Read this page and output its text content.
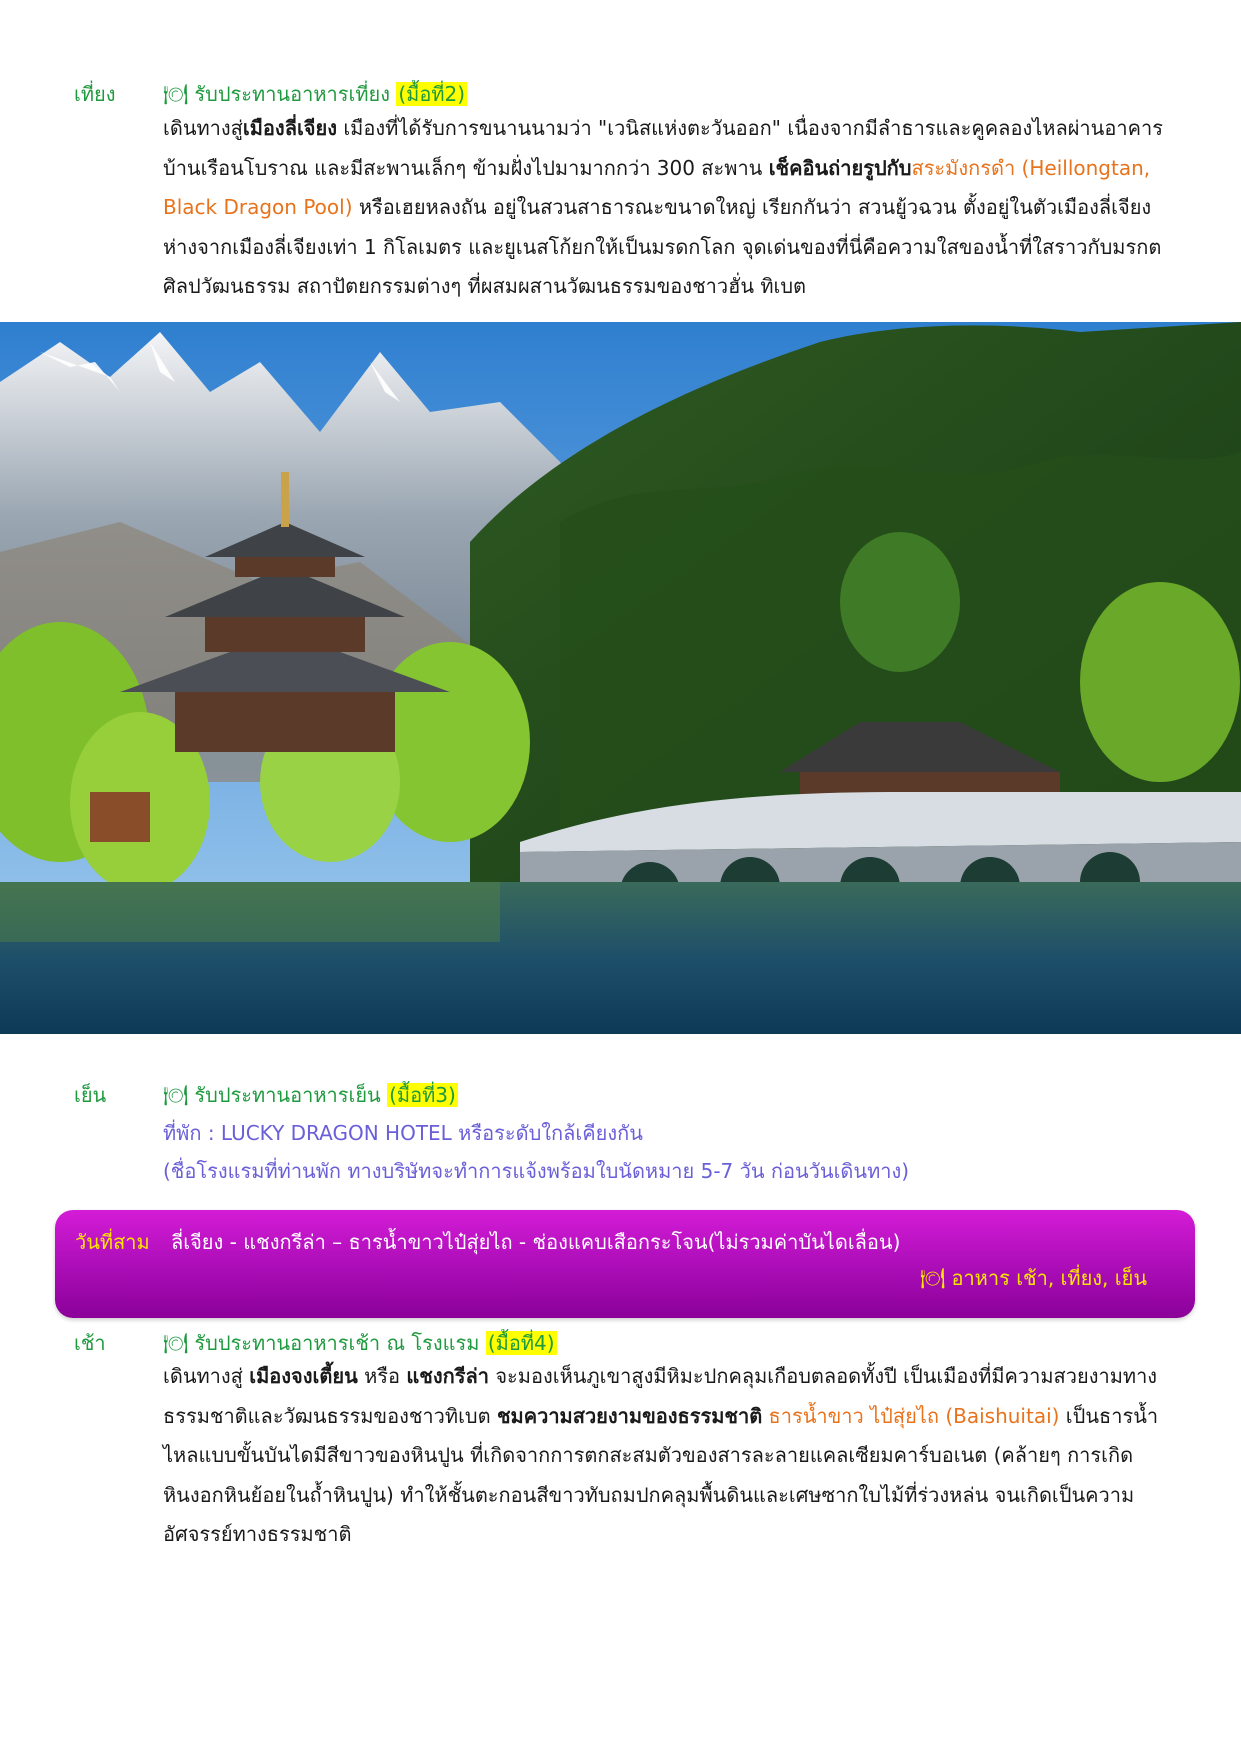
เที่ยง 🍽 รับประทานอาหารเที่ยง (มื้อที่2)
เดินทางสู่เมืองลี่เจียง เมืองที่ได้รับการขนานนามว่า "เวนิสแห่งตะวันออก" เนื่องจากมีลำธารและคูคลองไหลผ่านอาคารบ้านเรือนโบราณ และมีสะพานเล็กๆ ข้ามฝั่งไปมามากกว่า 300 สะพาน เช็คอินถ่ายรูปกับสระมังกรดำ (Heillongtan, Black Dragon Pool) หรือเฮยหลงถัน อยู่ในสวนสาธารณะขนาดใหญ่ เรียกกันว่า สวนยู้วฉวน ตั้งอยู่ในตัวเมืองลี่เจียง ห่างจากเมืองลี่เจียงเท่า 1 กิโลเมตร และยูเนสโก้ยกให้เป็นมรดกโลก จุดเด่นของที่นี่คือความใสของน้ำที่ใสราวกับมรกต ศิลปวัฒนธรรม สถาปัตยกรรมต่างๆ ที่ผสมผสานวัฒนธรรมของชาวฮั่น ทิเบต
เย็น	🍽 รับประทานอาหารเย็น (มื้อที่3)
ที่พัก : LUCKY DRAGON HOTEL หรือระดับใกล้เคียงกัน
(ชื่อโรงแรมที่ท่านพัก ทางบริษัทจะทำการแจ้งพร้อมใบนัดหมาย 5-7 วัน ก่อนวันเดินทาง)
วันที่สาม ลี่เจียง - แชงกรีล่า – ธารน้ำขาวไป๋สุ่ยไถ - ช่องแคบเสือกระโจน(ไม่รวมค่าบันไดเลื่อน)
🍽 อาหาร เช้า, เที่ยง, เย็น
เช้า	🍽 รับประทานอาหารเช้า ณ โรงแรม (มื้อที่4)
เดินทางสู่ เมืองจงเตี้ยน หรือ แชงกรีล่า จะมองเห็นภูเขาสูงมีหิมะปกคลุมเกือบตลอดทั้งปี เป็นเมืองที่มีความสวยงามทางธรรมชาติและวัฒนธรรมของชาวทิเบต ชมความสวยงามของธรรมชาติ ธารน้ำขาว ไป๋สุ่ยไถ (Baishuitai) เป็นธารน้ำไหลแบบขั้นบันไดมีสีขาวของหินปูน ที่เกิดจากการตกสะสมตัวของสารละลายแคลเซียมคาร์บอเนต (คล้ายๆ การเกิดหินงอกหินย้อยในถ้ำหินปูน) ทำให้ชั้นตะกอนสีขาวทับถมปกคลุมพื้นดินและเศษซากใบไม้ที่ร่วงหล่น จนเกิดเป็นความอัศจรรย์ทางธรรมชาติ
